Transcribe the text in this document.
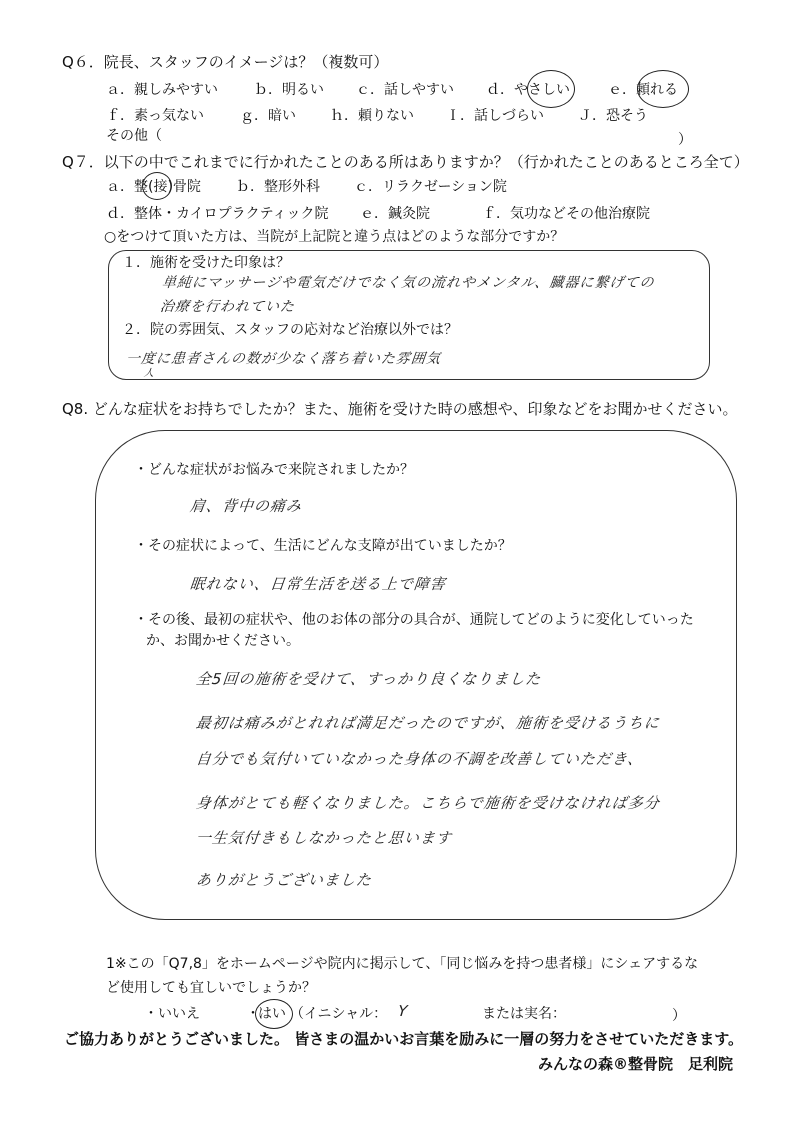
Q６．院長、スタッフのイメージは？（複数可）
ａ．親しみやすい	ｂ．明るい ｃ．話しやすい ｄ．やさしい	ｅ．頼れる
ｆ．素っ気ない	ｇ．暗い ｈ．頼りない Ｉ．話しづらい Ｊ．恐そう
その他（	）
Q７．以下の中でこれまでに行かれたことのある所はありますか？（行かれたことのあるところ全て）
ａ．整(接)骨院	ｂ．整形外科 ｃ．リラクゼーション院
ｄ．整体・カイロプラクティック院 ｅ．鍼灸院	ｆ．気功などその他治療院
○をつけて頂いた方は、当院が上記院と違う点はどのような部分ですか？
１．施術を受けた印象は？
単純にマッサージや電気だけでなく気の流れやメンタル、臓器に繋げての
治療を行われていた
２．院の雰囲気、スタッフの応対など治療以外では？
一度に患者さんの数が少なく落ち着いた雰囲気
人
Q8. どんな症状をお持ちでしたか？また、施術を受けた時の感想や、印象などをお聞かせください。
・どんな症状がお悩みで来院されましたか？
肩、背中の痛み
・その症状によって、生活にどんな支障が出ていましたか？
眠れない、日常生活を送る上で障害
・その後、最初の症状や、他のお体の部分の具合が、通院してどのように変化していった
か、お聞かせください。
全5回の施術を受けて、すっかり良くなりました
最初は痛みがとれれば満足だったのですが、施術を受けるうちに
自分でも気付いていなかった身体の不調を改善していただき、
身体がとても軽くなりました。こちらで施術を受けなければ多分
一生気付きもしなかったと思います
ありがとうございました
1※この「Q7,8」をホームページや院内に掲示して、「同じ悩みを持つ患者様」にシェアするな
ど使用しても宜しいでしょうか？
・いいえ	・
はい （イニシャル： Y	または実名：	）
ご協力ありがとうございました。 皆さまの温かいお言葉を励みに一層の努力をさせていただきます。
みんなの森®整骨院　足利院
